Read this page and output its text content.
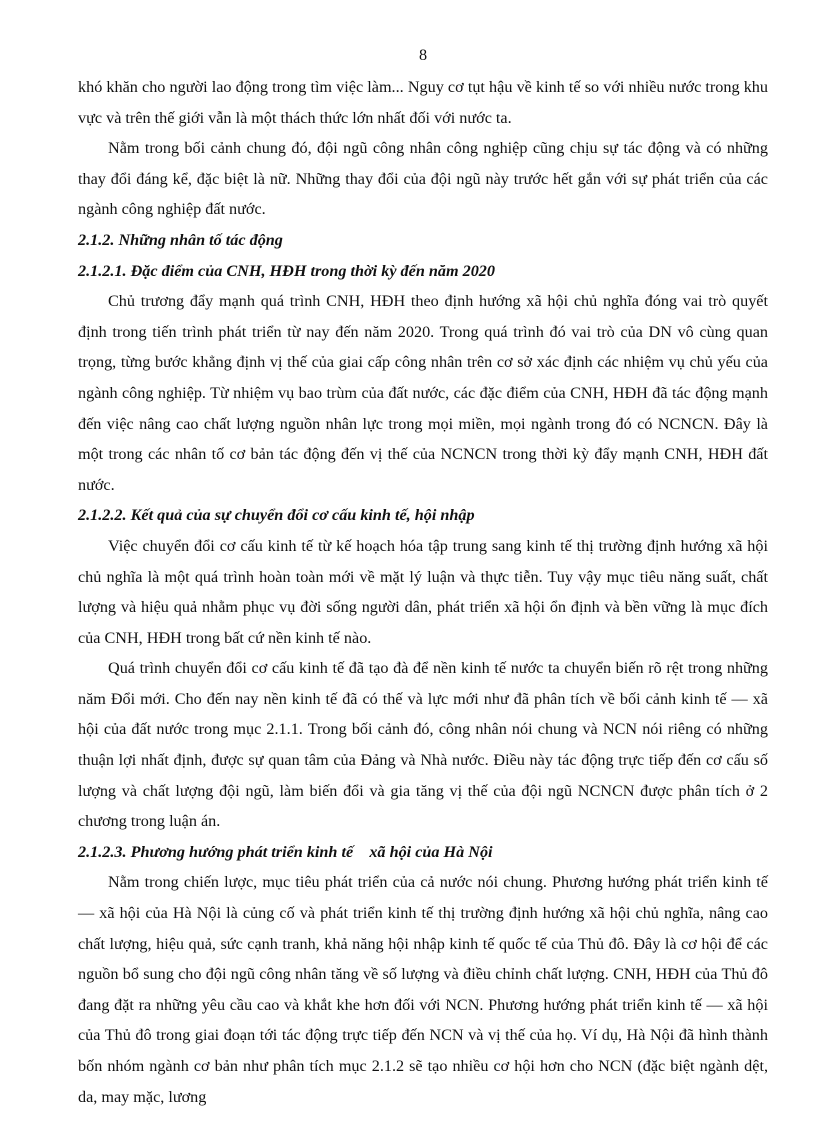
8

khó khăn cho người lao động trong tìm việc làm... Nguy cơ tụt hậu về kinh tế so với nhiều nước trong khu vực và trên thế giới vẫn là một thách thức lớn nhất đối với nước ta.

Nằm trong bối cảnh chung đó, đội ngũ công nhân công nghiệp cũng chịu sự tác động và có những thay đổi đáng kể, đặc biệt là nữ. Những thay đổi của đội ngũ này trước hết gắn với sự phát triển của các ngành công nghiệp đất nước.

2.1.2. Những nhân tố tác động

2.1.2.1. Đặc điểm của CNH, HĐH trong thời kỳ đến năm 2020

Chủ trương đẩy mạnh quá trình CNH, HĐH theo định hướng xã hội chủ nghĩa đóng vai trò quyết định trong tiến trình phát triển từ nay đến năm 2020. Trong quá trình đó vai trò của DN vô cùng quan trọng, từng bước khẳng định vị thế của giai cấp công nhân trên cơ sở xác định các nhiệm vụ chủ yếu của ngành công nghiệp. Từ nhiệm vụ bao trùm của đất nước, các đặc điểm của CNH, HĐH đã tác động mạnh đến việc nâng cao chất lượng nguồn nhân lực trong mọi miền, mọi ngành trong đó có NCNCN. Đây là một trong các nhân tố cơ bản tác động đến vị thế của NCNCN trong thời kỳ đẩy mạnh CNH, HĐH đất nước.

2.1.2.2. Kết quả của sự chuyển đổi cơ cấu kinh tế, hội nhập

Việc chuyển đổi cơ cấu kinh tế từ kế hoạch hóa tập trung sang kinh tế thị trường định hướng xã hội chủ nghĩa là một quá trình hoàn toàn mới về mặt lý luận và thực tiễn. Tuy vậy mục tiêu năng suất, chất lượng và hiệu quả nhằm phục vụ đời sống người dân, phát triển xã hội ổn định và bền vững là mục đích của CNH, HĐH trong bất cứ nền kinh tế nào.

Quá trình chuyển đổi cơ cấu kinh tế đã tạo đà để nền kinh tế nước ta chuyển biến rõ rệt trong những năm Đổi mới. Cho đến nay nền kinh tế đã có thế và lực mới như đã phân tích về bối cảnh kinh tế — xã hội của đất nước trong mục 2.1.1. Trong bối cảnh đó, công nhân nói chung và NCN nói riêng có những thuận lợi nhất định, được sự quan tâm của Đảng và Nhà nước. Điều này tác động trực tiếp đến cơ cấu số lượng và chất lượng đội ngũ, làm biến đổi và gia tăng vị thế của đội ngũ NCNCN được phân tích ở 2 chương trong luận án.

2.1.2.3. Phương hướng phát triển kinh tế    xã hội của Hà Nội

Nằm trong chiến lược, mục tiêu phát triển của cả nước nói chung. Phương hướng phát triển kinh tế — xã hội của Hà Nội là củng cố và phát triển kinh tế thị trường định hướng xã hội chủ nghĩa, nâng cao chất lượng, hiệu quả, sức cạnh tranh, khả năng hội nhập kinh tế quốc tế của Thủ đô. Đây là cơ hội để các nguồn bổ sung cho đội ngũ công nhân tăng về số lượng và điều chỉnh chất lượng. CNH, HĐH của Thủ đô đang đặt ra những yêu cầu cao và khắt khe hơn đối với NCN. Phương hướng phát triển kinh tế — xã hội của Thủ đô trong giai đoạn tới tác động trực tiếp đến NCN và vị thế của họ. Ví dụ, Hà Nội đã hình thành bốn nhóm ngành cơ bản như phân tích mục 2.1.2 sẽ tạo nhiều cơ hội hơn cho NCN (đặc biệt ngành dệt, da, may mặc, lương
